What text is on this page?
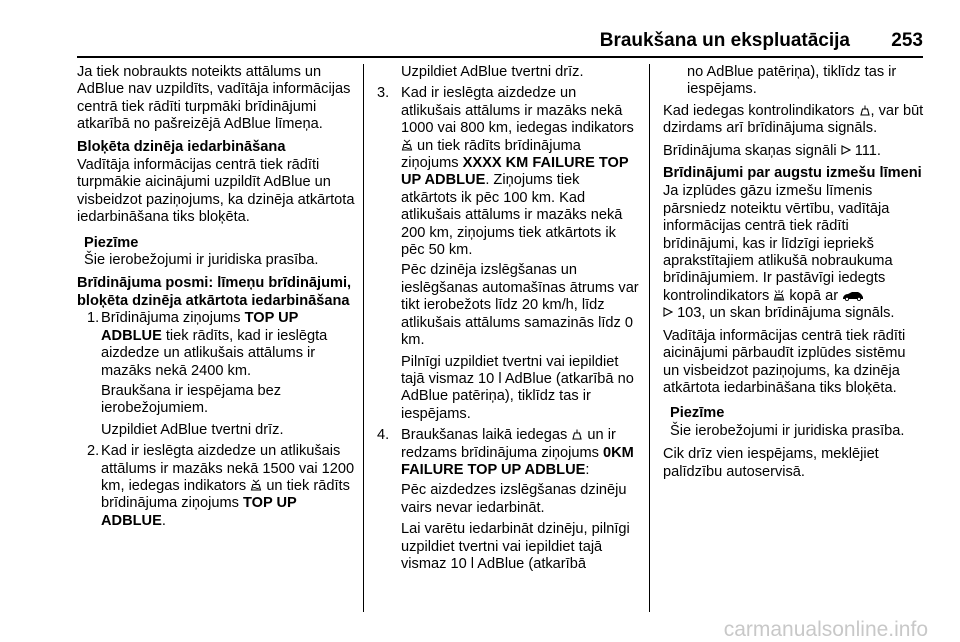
Braukšana un ekspluatācija 253

Ja tiek nobraukts noteikts attālums un AdBlue nav uzpildīts, vadītāja informācijas centrā tiek rādīti turpmāki brīdinājumi atkarībā no pašreizējā AdBlue līmeņa.

Bloķēta dzinēja iedarbināšana

Vadītāja informācijas centrā tiek rādīti turpmākie aicinājumi uzpildīt AdBlue un visbeidzot paziņojums, ka dzinēja atkārtota iedarbināšana tiks bloķēta.

Piezīme
Šie ierobežojumi ir juridiska prasība.
Brīdinājuma posmi: līmeņu brīdinājumi, bloķēta dzinēja atkārtota iedarbināšana
1. Brīdinājuma ziņojums TOP UP ADBLUE tiek rādīts, kad ir ieslēgta aizdedze un atlikušais attālums ir mazāks nekā 2400 km.

Braukšana ir iespējama bez ierobežojumiem.

Uzpildiet AdBlue tvertni drīz.

2. Kad ir ieslēgta aizdedze un atlikušais attālums ir mazāks nekā 1500 vai 1200 km, iedegas indikators
un tiek rādīts brīdinājuma ziņojums TOP UP ADBLUE.

Uzpildiet AdBlue tvertni drīz.

3. Kad ir ieslēgta aizdedze un atlikušais attālums ir mazāks nekā 1000 vai 800 km, iedegas indikators
un tiek rādīts brīdinājuma ziņojums XXXX KM FAILURE TOP UP ADBLUE. Ziņojums tiek atkārtots ik pēc 100 km. Kad atlikušais attālums ir mazāks nekā 200 km, ziņojums tiek atkārtots ik pēc 50 km.

Pēc dzinēja izslēgšanas un ieslēgšanas automašīnas ātrums var tikt ierobežots līdz 20 km/h, līdz atlikušais attālums samazinās līdz 0 km.

Pilnīgi uzpildiet tvertni vai iepildiet tajā vismaz 10 l AdBlue (atkarībā no AdBlue patēriņa), tiklīdz tas ir iespējams.

4. Braukšanas laikā iedegas
un ir redzams brīdinājuma ziņojums 0KM FAILURE TOP UP ADBLUE:

Pēc aizdedzes izslēgšanas dzinēju vairs nevar iedarbināt.

Lai varētu iedarbināt dzinēju, pilnīgi uzpildiet tvertni vai iepildiet tajā vismaz 10 l AdBlue (atkarībā

no AdBlue patēriņa), tiklīdz tas ir iespējams.

Kad iedegas kontrolindikators
, var būt dzirdams arī brīdinājuma signāls.

Brīdinājuma skaņas signāli
111.

Brīdinājumi par augstu izmešu līmeni

Ja izplūdes gāzu izmešu līmenis pārsniedz noteiktu vērtību, vadītāja informācijas centrā tiek rādīti brīdinājumi, kas ir līdzīgi iepriekš aprakstītajiem atlikušā nobraukuma brīdinājumiem. Ir pastāvīgi iedegts kontrolindikators
kopā ar

103, un skan brīdinājuma signāls.

Vadītāja informācijas centrā tiek rādīti aicinājumi pārbaudīt izplūdes sistēmu un visbeidzot paziņojums, ka dzinēja atkārtota iedarbināšana tiks bloķēta.

Piezīme
Šie ierobežojumi ir juridiska prasība.

Cik drīz vien iespējams, meklējiet palīdzību autoservisā.

carmanualsonline.info
